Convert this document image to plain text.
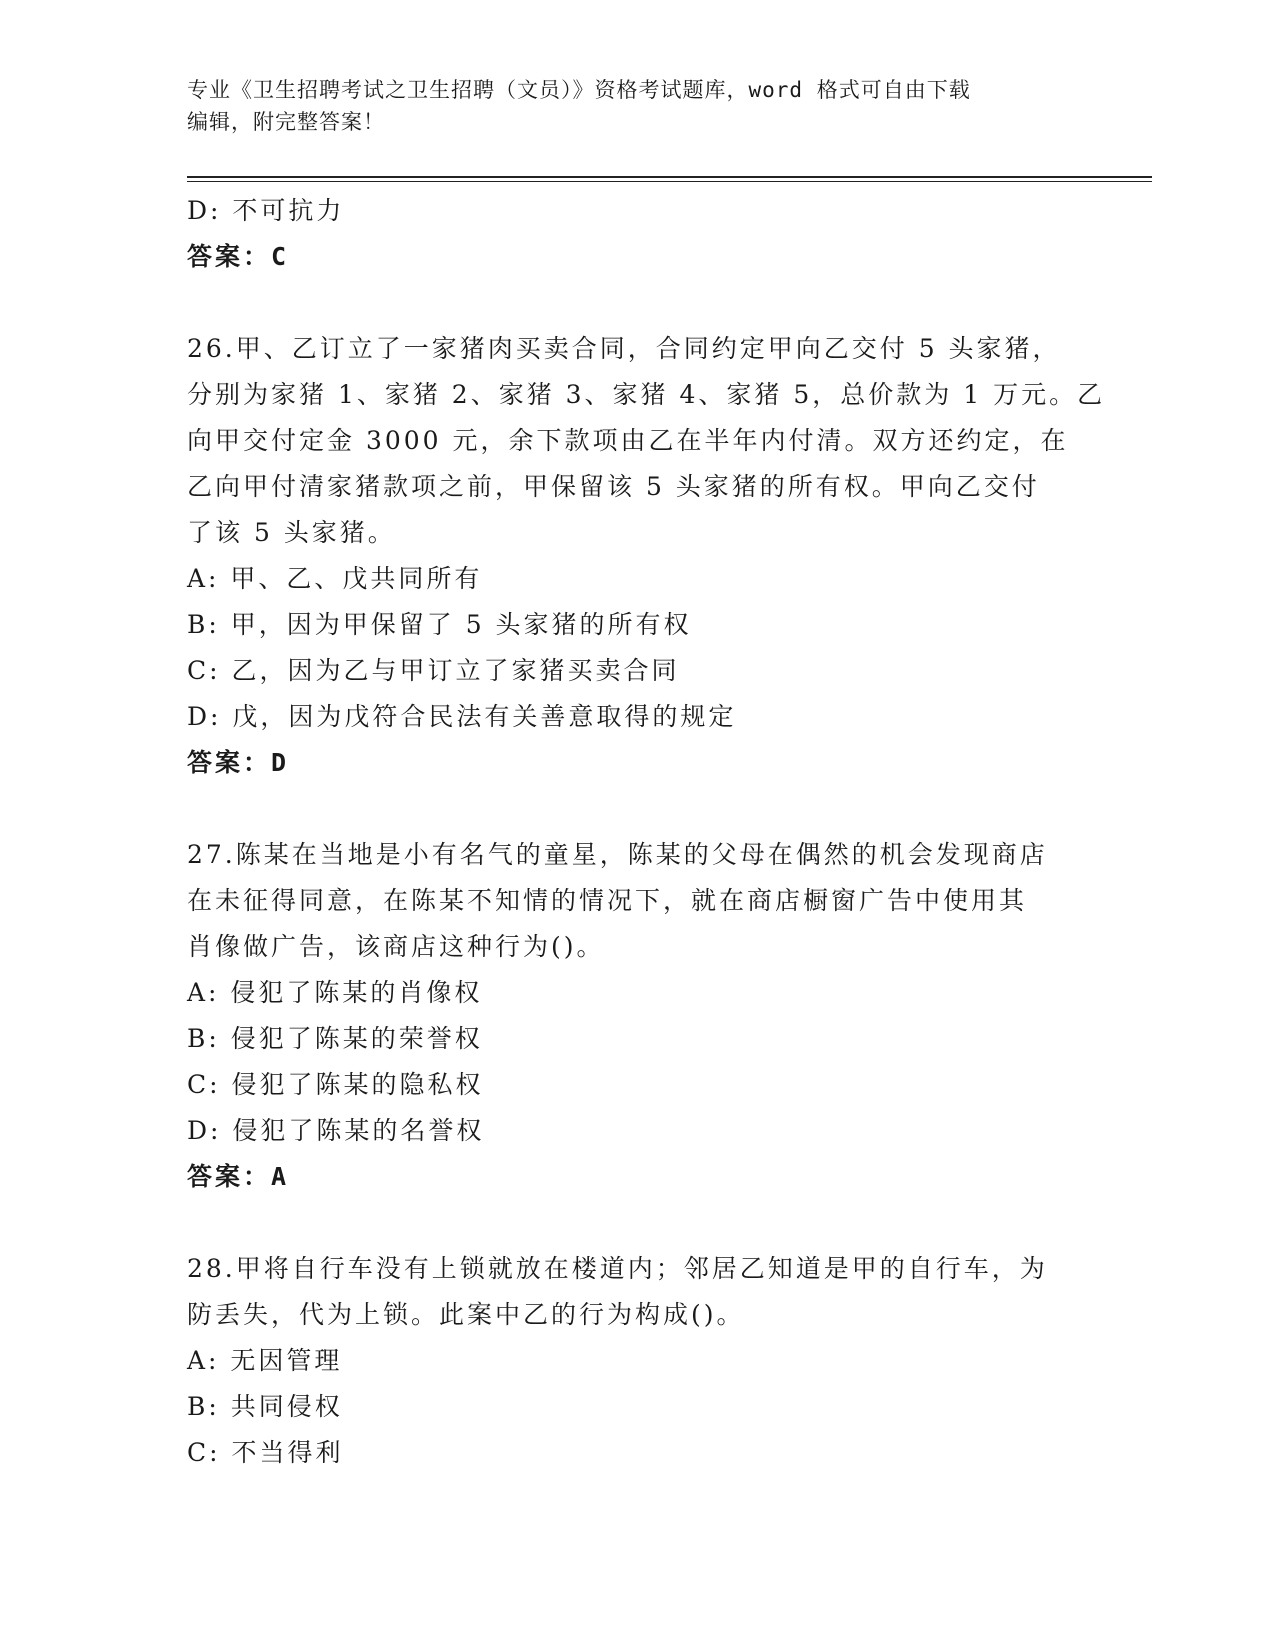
专业《卫生招聘考试之卫生招聘（文员）》资格考试题库，word 格式可自由下载
编辑，附完整答案！
D: 不可抗力
答案：C
26.甲、乙订立了一家猪肉买卖合同，合同约定甲向乙交付 5 头家猪，
分别为家猪 1、家猪 2、家猪 3、家猪 4、家猪 5，总价款为 1 万元。乙
向甲交付定金 3000 元，余下款项由乙在半年内付清。双方还约定，在
乙向甲付清家猪款项之前，甲保留该 5 头家猪的所有权。甲向乙交付
了该 5 头家猪。
A: 甲、乙、戊共同所有
B: 甲，因为甲保留了 5 头家猪的所有权
C: 乙，因为乙与甲订立了家猪买卖合同
D: 戊，因为戊符合民法有关善意取得的规定
答案：D
27.陈某在当地是小有名气的童星，陈某的父母在偶然的机会发现商店
在未征得同意，在陈某不知情的情况下，就在商店橱窗广告中使用其
肖像做广告，该商店这种行为()。
A: 侵犯了陈某的肖像权
B: 侵犯了陈某的荣誉权
C: 侵犯了陈某的隐私权
D: 侵犯了陈某的名誉权
答案：A
28.甲将自行车没有上锁就放在楼道内；邻居乙知道是甲的自行车，为
防丢失，代为上锁。此案中乙的行为构成()。
A: 无因管理
B: 共同侵权
C: 不当得利
